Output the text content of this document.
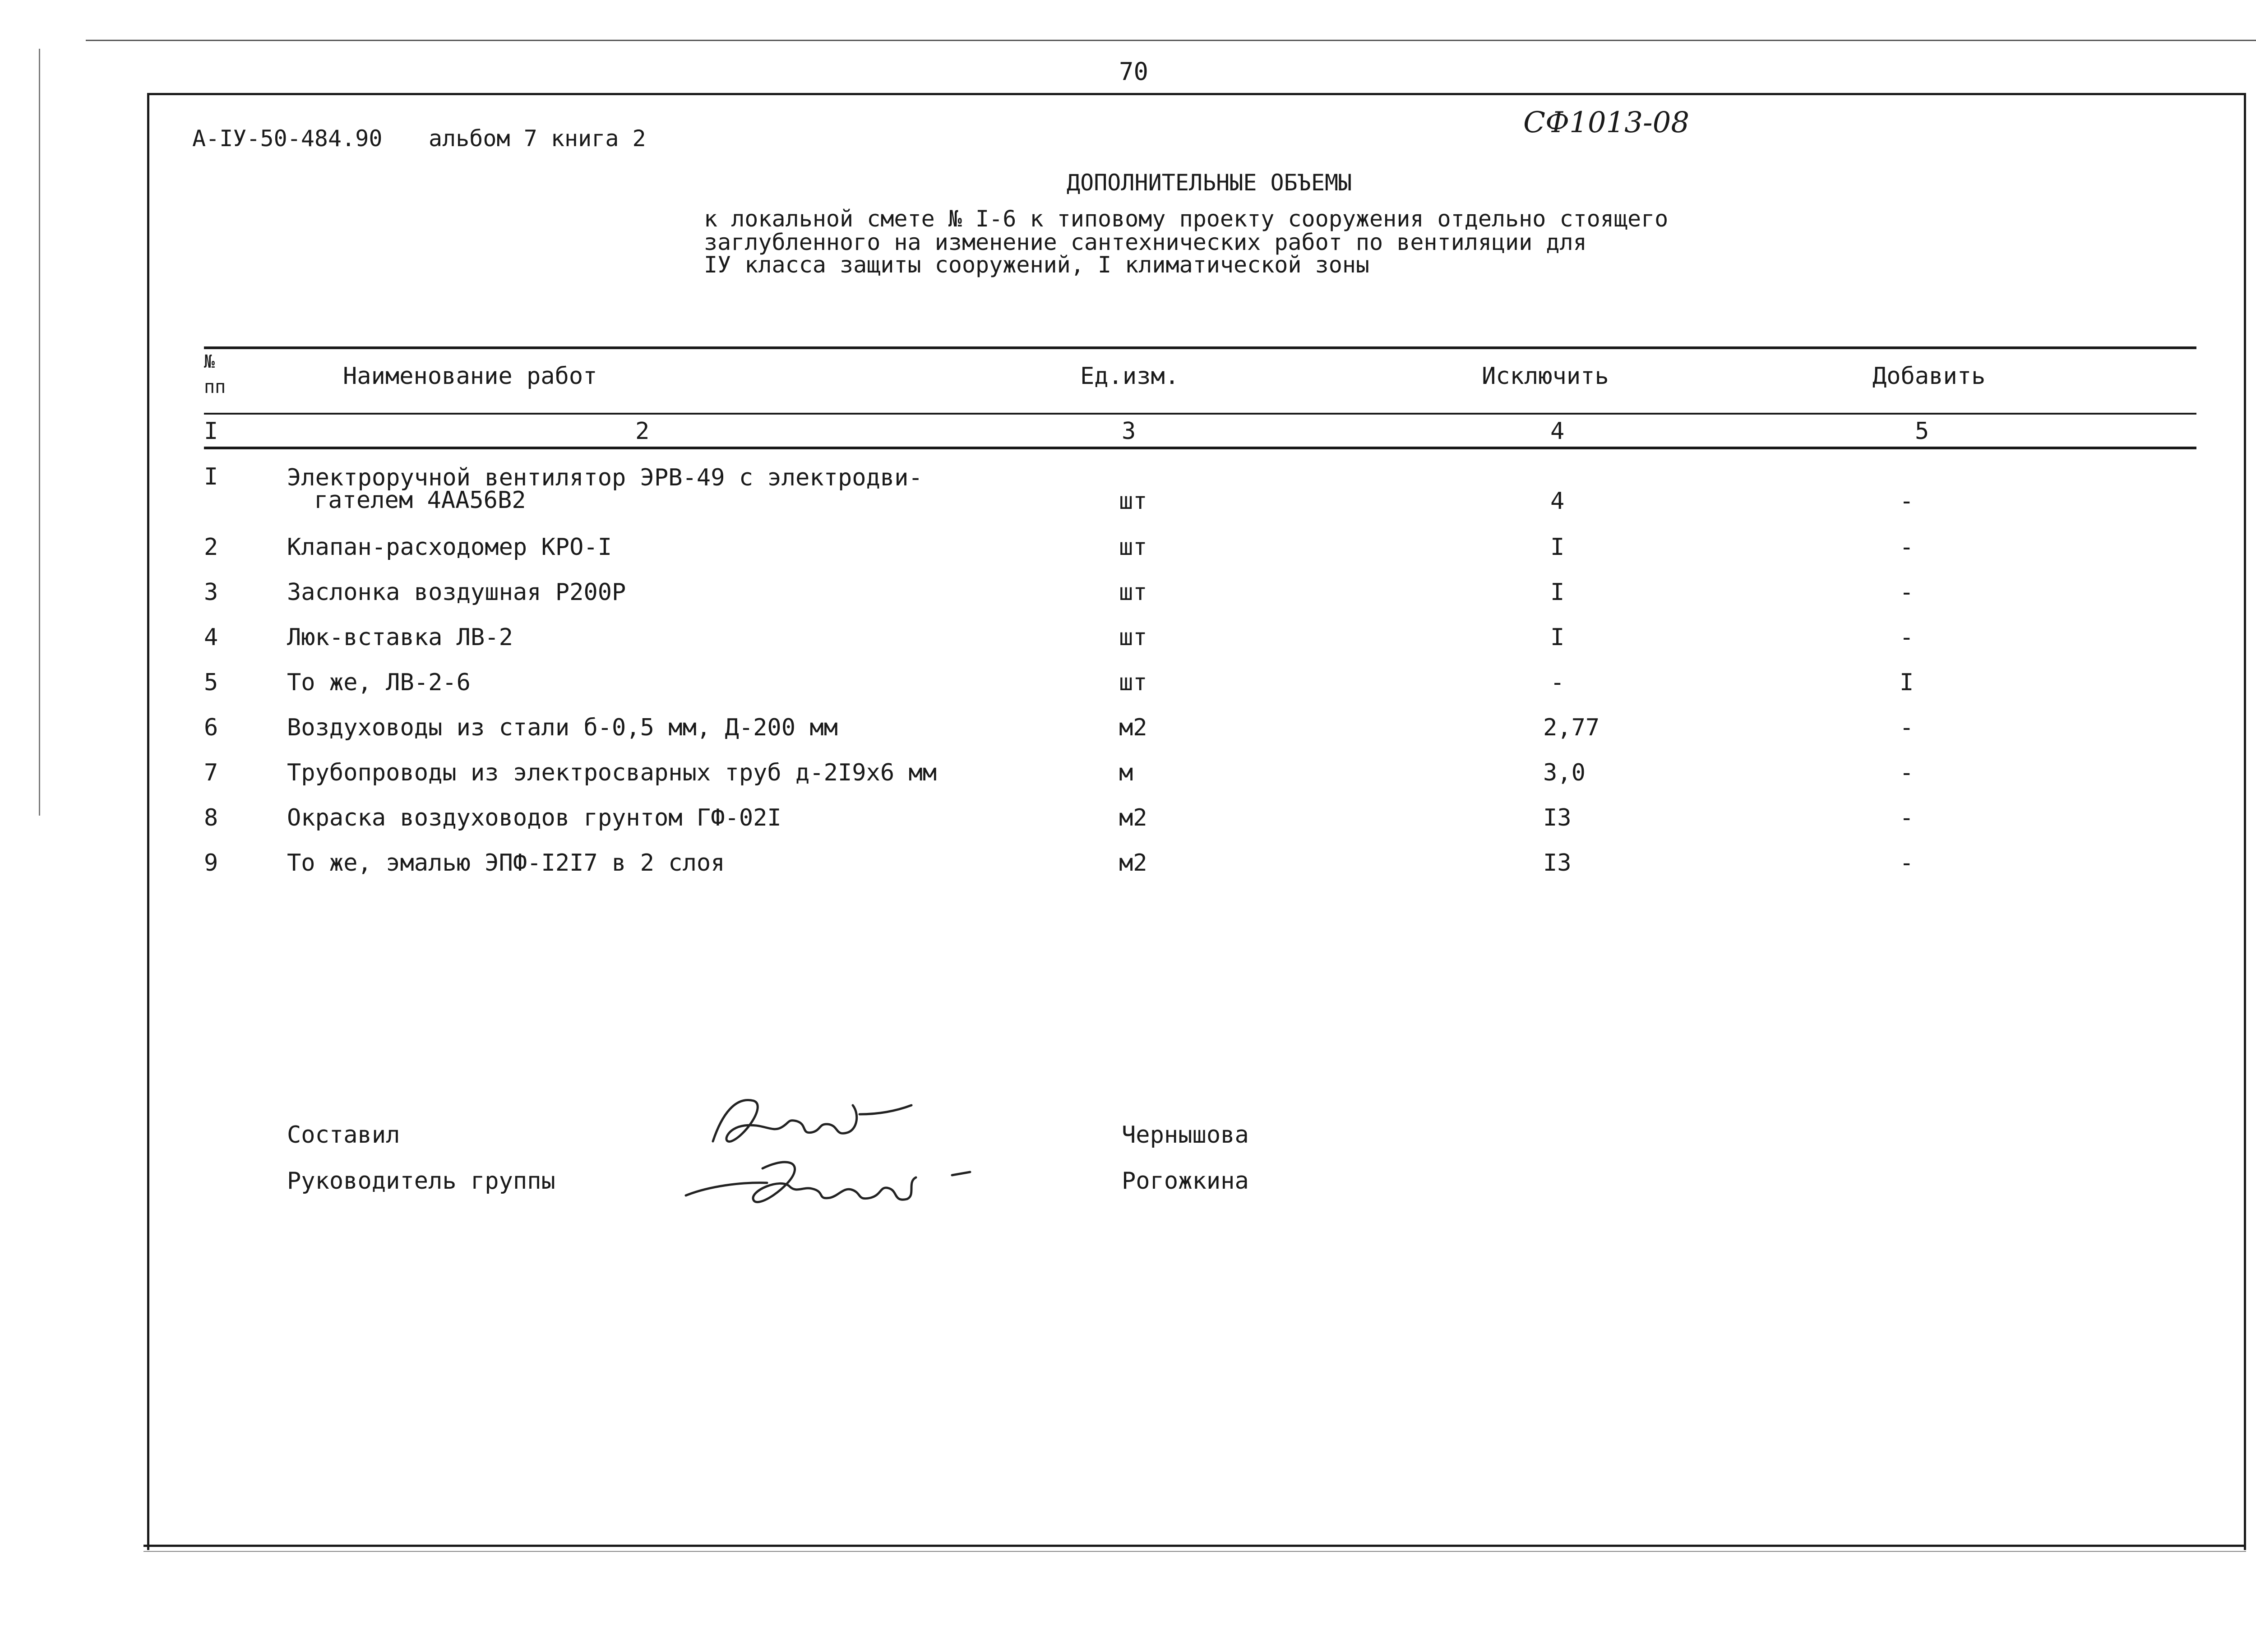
70
А-IУ-50-484.90 альбом 7 книга 2	СФ1013-08
ДОПОЛНИТЕЛЬНЫЕ ОБЪЕМЫ
к локальной смете № I-6 к типовому проекту сооружения отдельно стоящего
заглубленного на изменение сантехнических работ по вентиляции для
IУ класса защиты сооружений, I климатической зоны
№
пп	Наименование работ	Ед.изм.	Исключить	Добавить
I	2	3	4	5
I	Электроручной вентилятор ЭРВ-49 с электродви-
гателем 4АА56В2	шт	4	-
2	Клапан-расходомер КРО-I	шт	I	-
3	Заслонка воздушная Р200Р	шт	I	-
4	Люк-вставка ЛВ-2	шт	I	-
5	То же, ЛВ-2-6	шт	-	I
6	Воздуховоды из стали б-0,5 мм, Д-200 мм	м2	2,77	-
7	Трубопроводы из электросварных труб д-2I9х6 мм	м	3,0	-
8	Окраска воздуховодов грунтом ГФ-02I	м2	I3	-
9	То же, эмалью ЭПФ-I2I7 в 2 слоя	м2	I3	-
Составил
Руководитель группы
Чернышова
Рогожкина
